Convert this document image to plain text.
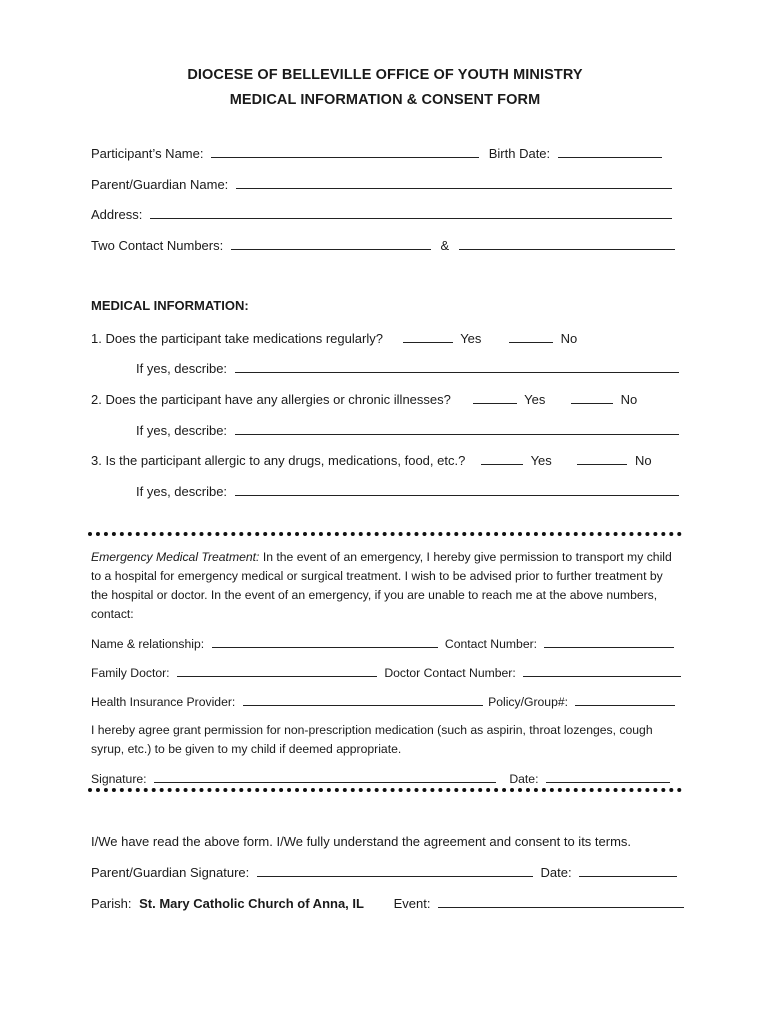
DIOCESE OF BELLEVILLE OFFICE OF YOUTH MINISTRY
MEDICAL INFORMATION & CONSENT FORM
Participant’s Name:	Birth Date:
Parent/Guardian Name:
Address:
Two Contact Numbers:	&
MEDICAL INFORMATION:
1. Does the participant take medications regularly?	Yes	No
If yes, describe:
2. Does the participant have any allergies or chronic illnesses?	Yes	No
If yes, describe:
3. Is the participant allergic to any drugs, medications, food, etc.?	Yes	No
If yes, describe:
Emergency Medical Treatment: In the event of an emergency, I hereby give permission to transport my child to a hospital for emergency medical or surgical treatment. I wish to be advised prior to further treatment by the hospital or doctor. In the event of an emergency, if you are unable to reach me at the above numbers, contact:
Name & relationship:	Contact Number:
Family Doctor:	Doctor Contact Number:
Health Insurance Provider:	Policy/Group#:
I hereby agree grant permission for non-prescription medication (such as aspirin, throat lozenges, cough syrup, etc.) to be given to my child if deemed appropriate.
Signature:	Date:
I/We have read the above form. I/We fully understand the agreement and consent to its terms.
Parent/Guardian Signature:	Date:
Parish: St. Mary Catholic Church of Anna, IL Event:
